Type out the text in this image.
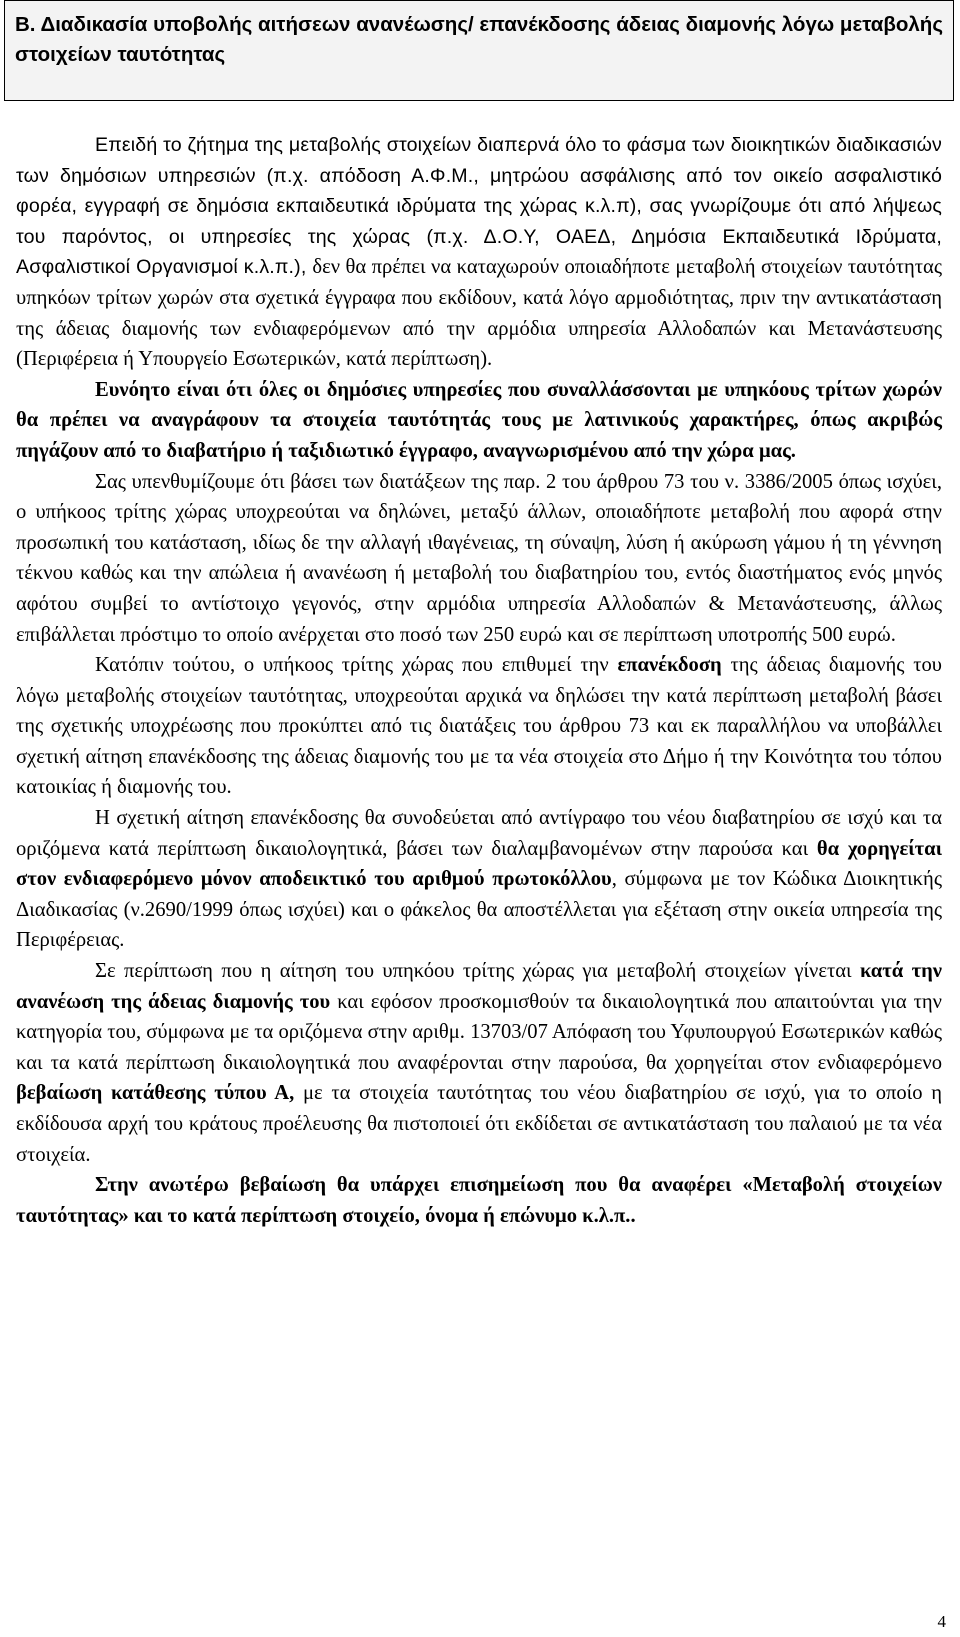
Β. Διαδικασία υποβολής αιτήσεων ανανέωσης/ επανέκδοσης άδειας διαμονής λόγω μεταβολής στοιχείων ταυτότητας

Επειδή το ζήτημα της μεταβολής στοιχείων διαπερνά όλο το φάσμα των διοικητικών διαδικασιών των δημόσιων υπηρεσιών (π.χ. απόδοση Α.Φ.Μ., μητρώου ασφάλισης από τον οικείο ασφαλιστικό φορέα, εγγραφή σε δημόσια εκπαιδευτικά ιδρύματα της χώρας κ.λ.π), σας γνωρίζουμε ότι από λήψεως του παρόντος, οι υπηρεσίες της χώρας (π.χ. Δ.Ο.Υ, ΟΑΕΔ, Δημόσια Εκπαιδευτικά Ιδρύματα, Ασφαλιστικοί Οργανισμοί κ.λ.π.), δεν θα πρέπει να καταχωρούν οποιαδήποτε μεταβολή στοιχείων ταυτότητας υπηκόων τρίτων χωρών στα σχετικά έγγραφα που εκδίδουν, κατά λόγο αρμοδιότητας, πριν την αντικατάσταση της άδειας διαμονής των ενδιαφερόμενων από την αρμόδια υπηρεσία Αλλοδαπών και Μετανάστευσης (Περιφέρεια ή Υπουργείο Εσωτερικών, κατά περίπτωση).

Ευνόητο είναι ότι όλες οι δημόσιες υπηρεσίες που συναλλάσσονται με υπηκόους τρίτων χωρών θα πρέπει να αναγράφουν τα στοιχεία ταυτότητάς τους με λατινικούς χαρακτήρες, όπως ακριβώς πηγάζουν από το διαβατήριο ή ταξιδιωτικό έγγραφο, αναγνωρισμένου από την χώρα μας.

Σας υπενθυμίζουμε ότι βάσει των διατάξεων της παρ. 2 του άρθρου 73 του ν. 3386/2005 όπως ισχύει, ο υπήκοος τρίτης χώρας υποχρεούται να δηλώνει, μεταξύ άλλων, οποιαδήποτε μεταβολή που αφορά στην προσωπική του κατάσταση, ιδίως δε την αλλαγή ιθαγένειας, τη σύναψη, λύση ή ακύρωση γάμου ή τη γέννηση τέκνου καθώς και την απώλεια ή ανανέωση ή μεταβολή του διαβατηρίου του, εντός διαστήματος ενός μηνός αφότου συμβεί το αντίστοιχο γεγονός, στην αρμόδια υπηρεσία Αλλοδαπών & Μετανάστευσης, άλλως επιβάλλεται πρόστιμο το οποίο ανέρχεται στο ποσό των 250 ευρώ και σε περίπτωση υποτροπής 500 ευρώ.

Κατόπιν τούτου, ο υπήκοος τρίτης χώρας που επιθυμεί την επανέκδοση της άδειας διαμονής του λόγω μεταβολής στοιχείων ταυτότητας, υποχρεούται αρχικά να δηλώσει την κατά περίπτωση μεταβολή βάσει της σχετικής υποχρέωσης που προκύπτει από τις διατάξεις του άρθρου 73 και εκ παραλλήλου να υποβάλλει σχετική αίτηση επανέκδοσης της άδειας διαμονής του με τα νέα στοιχεία στο Δήμο ή την Κοινότητα του τόπου κατοικίας ή διαμονής του.

Η σχετική αίτηση επανέκδοσης θα συνοδεύεται από αντίγραφο του νέου διαβατηρίου σε ισχύ και τα οριζόμενα κατά περίπτωση δικαιολογητικά, βάσει των διαλαμβανομένων στην παρούσα και θα χορηγείται στον ενδιαφερόμενο μόνον αποδεικτικό του αριθμού πρωτοκόλλου, σύμφωνα με τον Κώδικα Διοικητικής Διαδικασίας (ν.2690/1999 όπως ισχύει) και ο φάκελος θα αποστέλλεται για εξέταση στην οικεία υπηρεσία της Περιφέρειας.

Σε περίπτωση που η αίτηση του υπηκόου τρίτης χώρας για μεταβολή στοιχείων γίνεται κατά την ανανέωση της άδειας διαμονής του και εφόσον προσκομισθούν τα δικαιολογητικά που απαιτούνται για την κατηγορία του, σύμφωνα με τα οριζόμενα στην αριθμ. 13703/07 Απόφαση του Υφυπουργού Εσωτερικών καθώς και τα κατά περίπτωση δικαιολογητικά που αναφέρονται στην παρούσα, θα χορηγείται στον ενδιαφερόμενο βεβαίωση κατάθεσης τύπου Α, με τα στοιχεία ταυτότητας του νέου διαβατηρίου σε ισχύ, για το οποίο η εκδίδουσα αρχή του κράτους προέλευσης θα πιστοποιεί ότι εκδίδεται σε αντικατάσταση του παλαιού με τα νέα στοιχεία.

Στην ανωτέρω βεβαίωση θα υπάρχει επισημείωση που θα αναφέρει «Μεταβολή στοιχείων ταυτότητας» και το κατά περίπτωση στοιχείο, όνομα ή επώνυμο κ.λ.π..

4
